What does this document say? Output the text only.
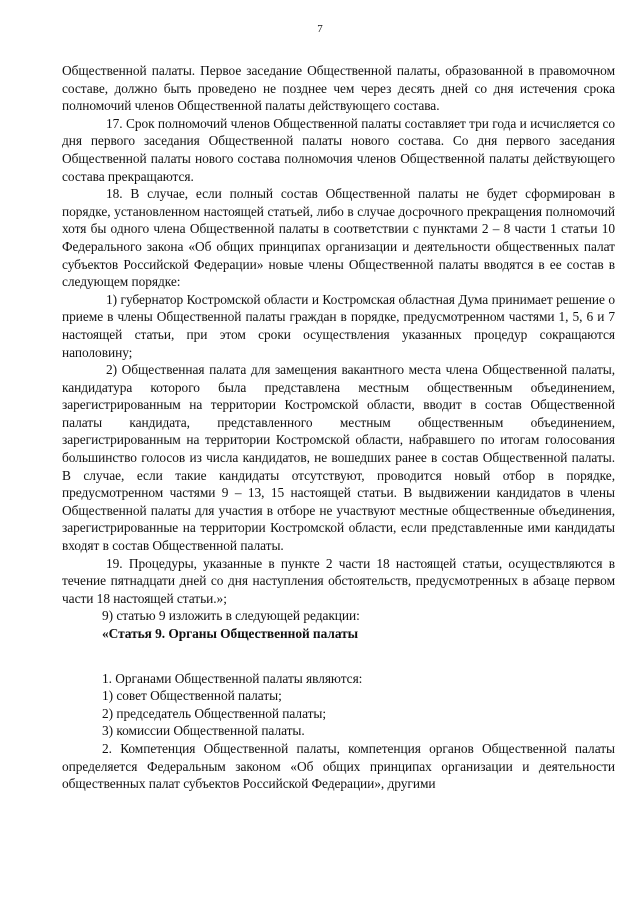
7

Общественной палаты. Первое заседание Общественной палаты, образованной в правомочном составе, должно быть проведено не позднее чем через десять дней со дня истечения срока полномочий членов Общественной палаты действующего состава.

17. Срок полномочий членов Общественной палаты составляет три года и исчисляется со дня первого заседания Общественной палаты нового состава. Со дня первого заседания Общественной палаты нового состава полномочия членов Общественной палаты действующего состава прекращаются.

18. В случае, если полный состав Общественной палаты не будет сформирован в порядке, установленном настоящей статьей, либо в случае досрочного прекращения полномочий хотя бы одного члена Общественной палаты в соответствии с пунктами 2 – 8 части 1 статьи 10 Федерального закона «Об общих принципах организации и деятельности общественных палат субъектов Российской Федерации» новые члены Общественной палаты вводятся в ее состав в следующем порядке:

1) губернатор Костромской области и Костромская областная Дума принимает решение о приеме в члены Общественной палаты граждан в порядке, предусмотренном частями 1, 5, 6 и 7 настоящей статьи, при этом сроки осуществления указанных процедур сокращаются наполовину;

2) Общественная палата для замещения вакантного места члена Общественной палаты, кандидатура которого была представлена местным общественным объединением, зарегистрированным на территории Костромской области, вводит в состав Общественной палаты кандидата, представленного местным общественным объединением, зарегистрированным на территории Костромской области, набравшего по итогам голосования большинство голосов из числа кандидатов, не вошедших ранее в состав Общественной палаты. В случае, если такие кандидаты отсутствуют, проводится новый отбор в порядке, предусмотренном частями 9 – 13, 15 настоящей статьи. В выдвижении кандидатов в члены Общественной палаты для участия в отборе не участвуют местные общественные объединения, зарегистрированные на территории Костромской области, если представленные ими кандидаты входят в состав Общественной палаты.

19. Процедуры, указанные в пункте 2 части 18 настоящей статьи, осуществляются в течение пятнадцати дней со дня наступления обстоятельств, предусмотренных в абзаце первом части 18 настоящей статьи.»;

9) статью 9 изложить в следующей редакции:

«Статья 9. Органы Общественной палаты

1. Органами Общественной палаты являются:

1) совет Общественной палаты;

2) председатель Общественной палаты;

3) комиссии Общественной палаты.

2. Компетенция Общественной палаты, компетенция органов Общественной палаты определяется Федеральным законом «Об общих принципах организации и деятельности общественных палат субъектов Российской Федерации», другими
